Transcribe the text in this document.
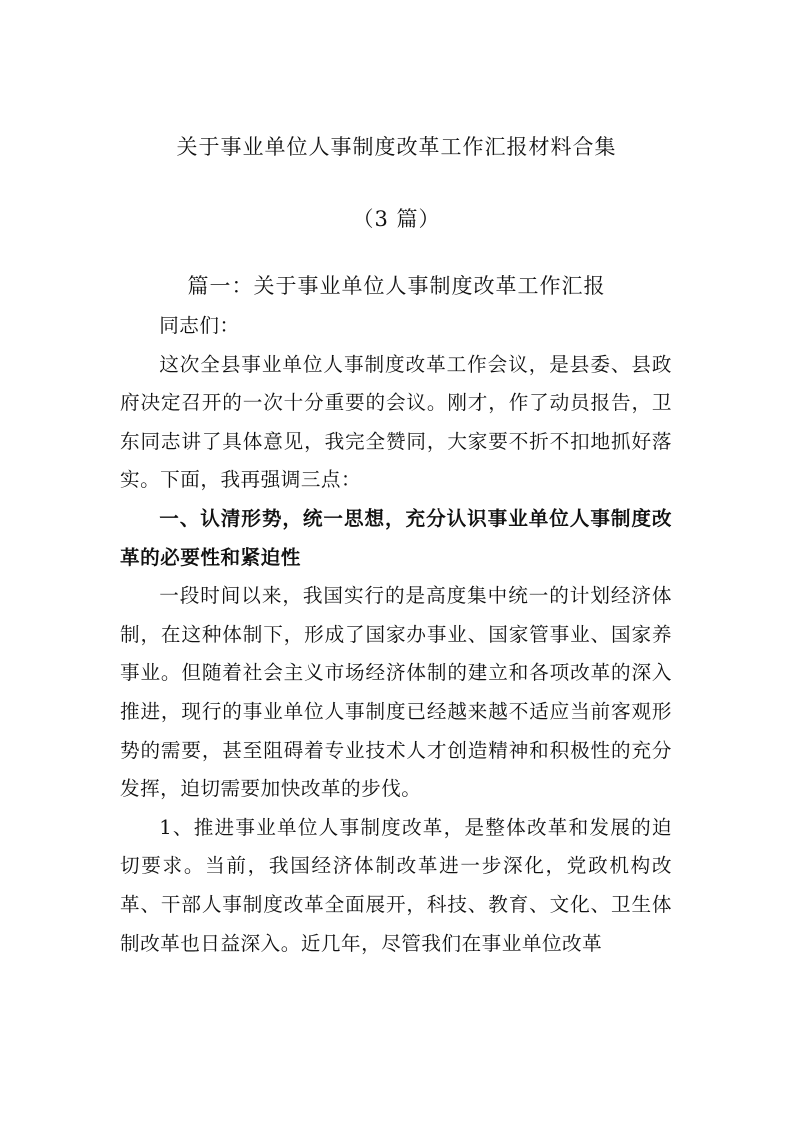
关于事业单位人事制度改革工作汇报材料合集
（3 篇）
篇一：关于事业单位人事制度改革工作汇报

同志们：

这次全县事业单位人事制度改革工作会议，是县委、县政府决定召开的一次十分重要的会议。刚才，作了动员报告，卫东同志讲了具体意见，我完全赞同，大家要不折不扣地抓好落实。下面，我再强调三点：

一、认清形势，统一思想，充分认识事业单位人事制度改革的必要性和紧迫性

一段时间以来，我国实行的是高度集中统一的计划经济体制，在这种体制下，形成了国家办事业、国家管事业、国家养事业。但随着社会主义市场经济体制的建立和各项改革的深入推进，现行的事业单位人事制度已经越来越不适应当前客观形势的需要，甚至阻碍着专业技术人才创造精神和积极性的充分发挥，迫切需要加快改革的步伐。

1、推进事业单位人事制度改革，是整体改革和发展的迫切要求。当前，我国经济体制改革进一步深化，党政机构改革、干部人事制度改革全面展开，科技、教育、文化、卫生体制改革也日益深入。近几年，尽管我们在事业单位改革
